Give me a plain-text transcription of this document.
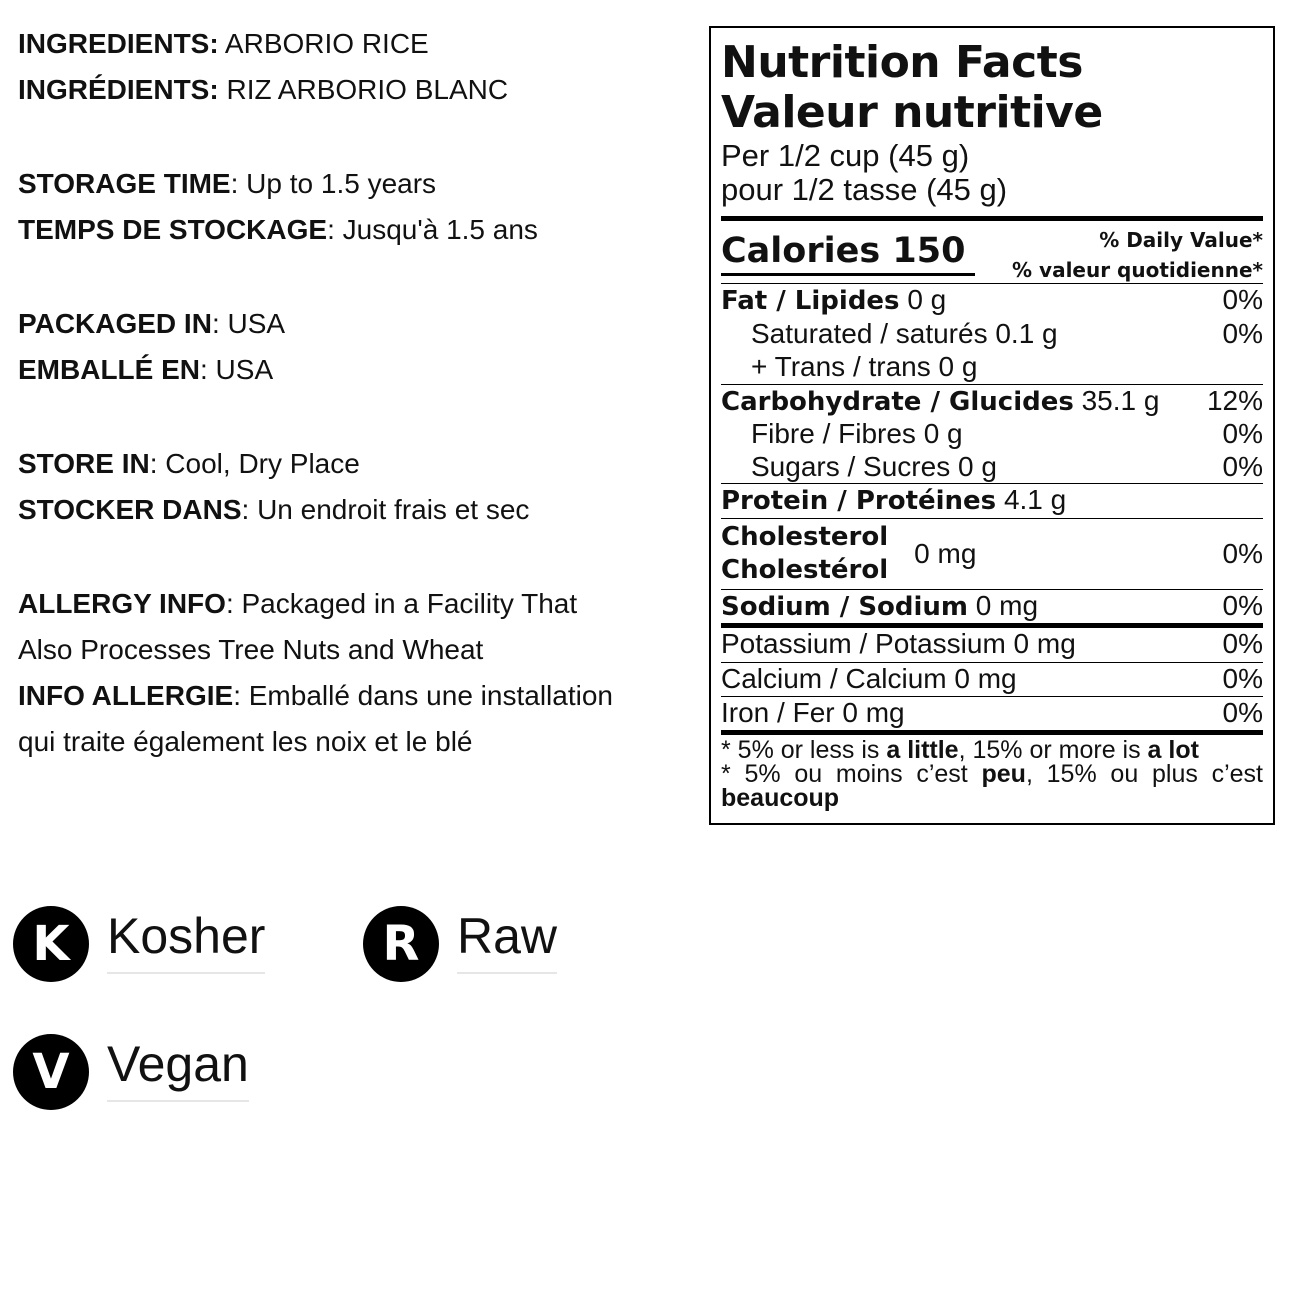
INGREDIENTS: ARBORIO RICE
INGRÉDIENTS: RIZ ARBORIO BLANC
STORAGE TIME: Up to 1.5 years
TEMPS DE STOCKAGE: Jusqu'à 1.5 ans
PACKAGED IN: USA
EMBALLÉ EN: USA
STORE IN: Cool, Dry Place
STOCKER DANS: Un endroit frais et sec
ALLERGY INFO: Packaged in a Facility That
Also Processes Tree Nuts and Wheat
INFO ALLERGIE: Emballé dans une installation
qui traite également les noix et le blé
Nutrition Facts
Valeur nutritive
Per 1/2 cup (45 g)
pour 1/2 tasse (45 g)
Calories 150	% Daily Value*
% valeur quotidienne*
Fat / Lipides 0 g	0%
Saturated / saturés 0.1 g	0%
+ Trans / trans 0 g
Carbohydrate / Glucides 35.1 g 12%
Fibre / Fibres 0 g	0%
Sugars / Sucres 0 g	0%
Protein / Protéines 4.1 g
Cholesterol
Cholestérol
0 mg	0%
Sodium / Sodium 0 mg	0%
Potassium / Potassium 0 mg	0%
Calcium / Calcium 0 mg	0%
Iron / Fer 0 mg	0%
* 5% or less is a little, 15% or more is a lot
* 5% ou moins c’est peu, 15% ou plus c’est
beaucoup
K Kosher	R Raw
V Vegan
